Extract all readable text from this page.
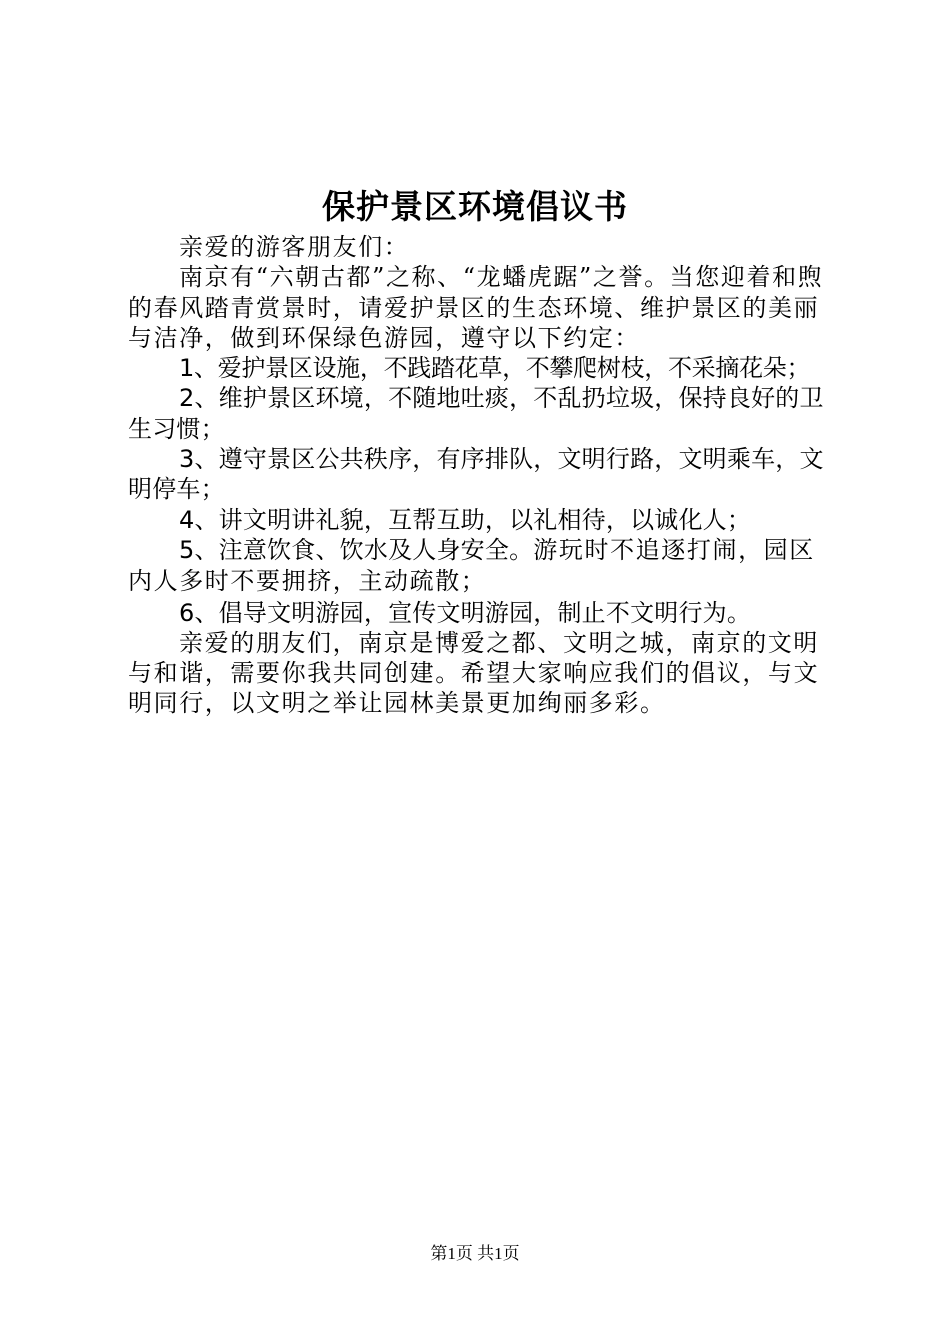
保护景区环境倡议书

亲爱的游客朋友们：

南京有“六朝古都”之称、“龙蟠虎踞”之誉。当您迎着和煦的春风踏青赏景时，请爱护景区的生态环境、维护景区的美丽与洁净，做到环保绿色游园，遵守以下约定：

1、爱护景区设施，不践踏花草，不攀爬树枝，不采摘花朵；

2、维护景区环境，不随地吐痰，不乱扔垃圾，保持良好的卫生习惯；

3、遵守景区公共秩序，有序排队，文明行路，文明乘车，文明停车；

4、讲文明讲礼貌，互帮互助，以礼相待，以诚化人；

5、注意饮食、饮水及人身安全。游玩时不追逐打闹，园区内人多时不要拥挤，主动疏散；

6、倡导文明游园，宣传文明游园，制止不文明行为。

亲爱的朋友们，南京是博爱之都、文明之城，南京的文明与和谐，需要你我共同创建。希望大家响应我们的倡议，与文明同行，以文明之举让园林美景更加绚丽多彩。

第1页 共1页
